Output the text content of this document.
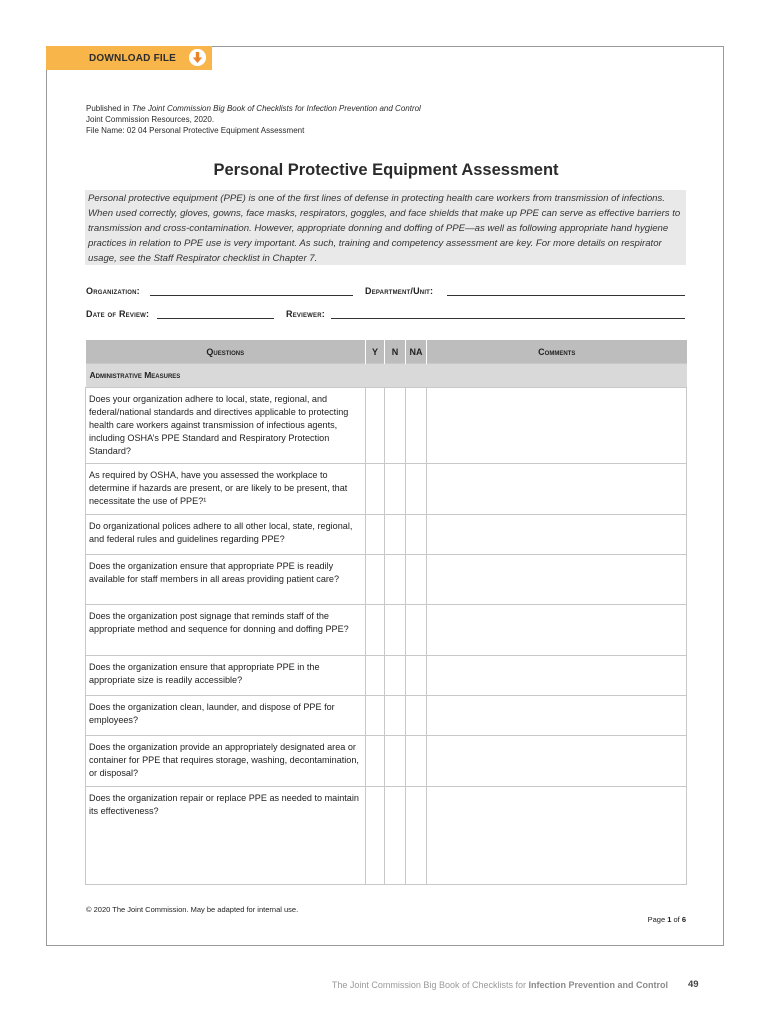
DOWNLOAD FILE
Published in The Joint Commission Big Book of Checklists for Infection Prevention and Control
Joint Commission Resources, 2020.
File Name: 02 04 Personal Protective Equipment Assessment
Personal Protective Equipment Assessment
Personal protective equipment (PPE) is one of the first lines of defense in protecting health care workers from transmission of infections. When used correctly, gloves, gowns, face masks, respirators, goggles, and face shields that make up PPE can serve as effective barriers to transmission and cross-contamination. However, appropriate donning and doffing of PPE—as well as following appropriate hand hygiene practices in relation to PPE use is very important. As such, training and competency assessment are key. For more details on respirator usage, see the Staff Respirator checklist in Chapter 7.
Organization:	Department/Unit:
Date of Review:	Reviewer:
Questions	Y	N	NA	Comments
Administrative Measures				
Does your organization adhere to local, state, regional, and federal/national standards and directives applicable to protecting health care workers against transmission of infectious agents, including OSHA’s PPE Standard and Respiratory Protection Standard?				
As required by OSHA, have you assessed the workplace to determine if hazards are present, or are likely to be present, that necessitate the use of PPE?¹				
Do organizational polices adhere to all other local, state, regional, and federal rules and guidelines regarding PPE?				
Does the organization ensure that appropriate PPE is readily available for staff members in all areas providing patient care?				
Does the organization post signage that reminds staff of the appropriate method and sequence for donning and doffing PPE?				
Does the organization ensure that appropriate PPE in the appropriate size is readily accessible?				
Does the organization clean, launder, and dispose of PPE for employees?				
Does the organization provide an appropriately designated area or container for PPE that requires storage, washing, decontamination, or disposal?				
Does the organization repair or replace PPE as needed to maintain its effectiveness?				
© 2020 The Joint Commission. May be adapted for internal use.
Page 1 of 6
The Joint Commission Big Book of Checklists for Infection Prevention and Control 49
